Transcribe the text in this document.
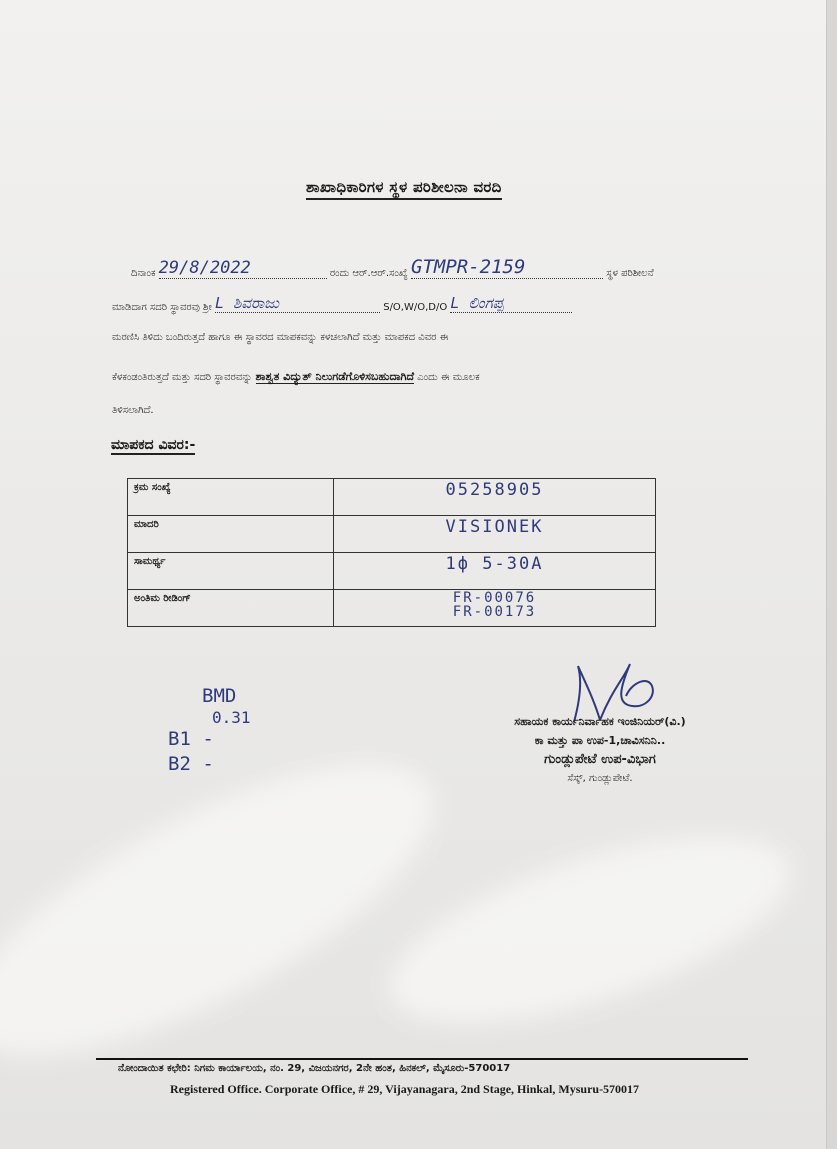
ಶಾಖಾಧಿಕಾರಿಗಳ ಸ್ಥಳ ಪರಿಶೀಲನಾ ವರದಿ
ದಿನಾಂಕ 29/8/2022	ರಂದು ಆರ್.ಆರ್.ಸಂಖ್ಯೆ GTMPR-2159	ಸ್ಥಳ ಪರಿಶೀಲನೆ
ಮಾಡಿದಾಗ ಸದರಿ ಸ್ಥಾವರವು ಶ್ರೀ L ಶಿವರಾಜು	S/O,W/O,D/O L ಲಿಂಗಪ್ಪ
ಮರಣಿಸಿ ತಿಳಿದು ಬಂದಿರುತ್ತದೆ ಹಾಗೂ ಈ ಸ್ಥಾವರದ ಮಾಪಕವನ್ನು ಕಳಚಲಾಗಿದೆ ಮತ್ತು ಮಾಪಕದ ವಿವರ ಈ
ಕೆಳಕಂಡಂತಿರುತ್ತದೆ ಮತ್ತು ಸದರಿ ಸ್ಥಾವರವನ್ನು ಶಾಶ್ವತ ವಿದ್ಯುತ್ ನಿಲುಗಡೆಗೊಳಿಸಬಹುದಾಗಿದೆ ಎಂದು ಈ ಮೂಲಕ
ತಿಳಿಸಲಾಗಿದೆ.
ಮಾಪಕದ ವಿವರ:-
ಕ್ರಮ ಸಂಖ್ಯೆ	05258905
ಮಾದರಿ	VISIONEK
ಸಾಮರ್ಥ್ಯ	1ф 5-30A
ಅಂತಿಮ ರೀಡಿಂಗ್	FR-00076
FR-00173
BMD
0.31
B1 -
B2 -
ಸಹಾಯಕ ಕಾರ್ಯನಿರ್ವಾಹಕ ಇಂಜಿನಿಯರ್(ವಿ.)
ಕಾ ಮತ್ತು ಪಾ ಉಪ-1,ಚಾವಿಸನಿನಿ..
ಗುಂಡ್ಲುಪೇಟೆ ಉಪ-ವಿಭಾಗ
ಸೆಸ್ಕ್, ಗುಂಡ್ಲುಪೇಟೆ.
ನೋಂದಾಯಿತ ಕಛೇರಿ: ನಿಗಮ ಕಾರ್ಯಾಲಯ, ನಂ. 29, ವಿಜಯನಗರ, 2ನೇ ಹಂತ, ಹಿನಕಲ್, ಮೈಸೂರು-570017
Registered Office. Corporate Office, # 29, Vijayanagara, 2nd Stage, Hinkal, Mysuru-570017
